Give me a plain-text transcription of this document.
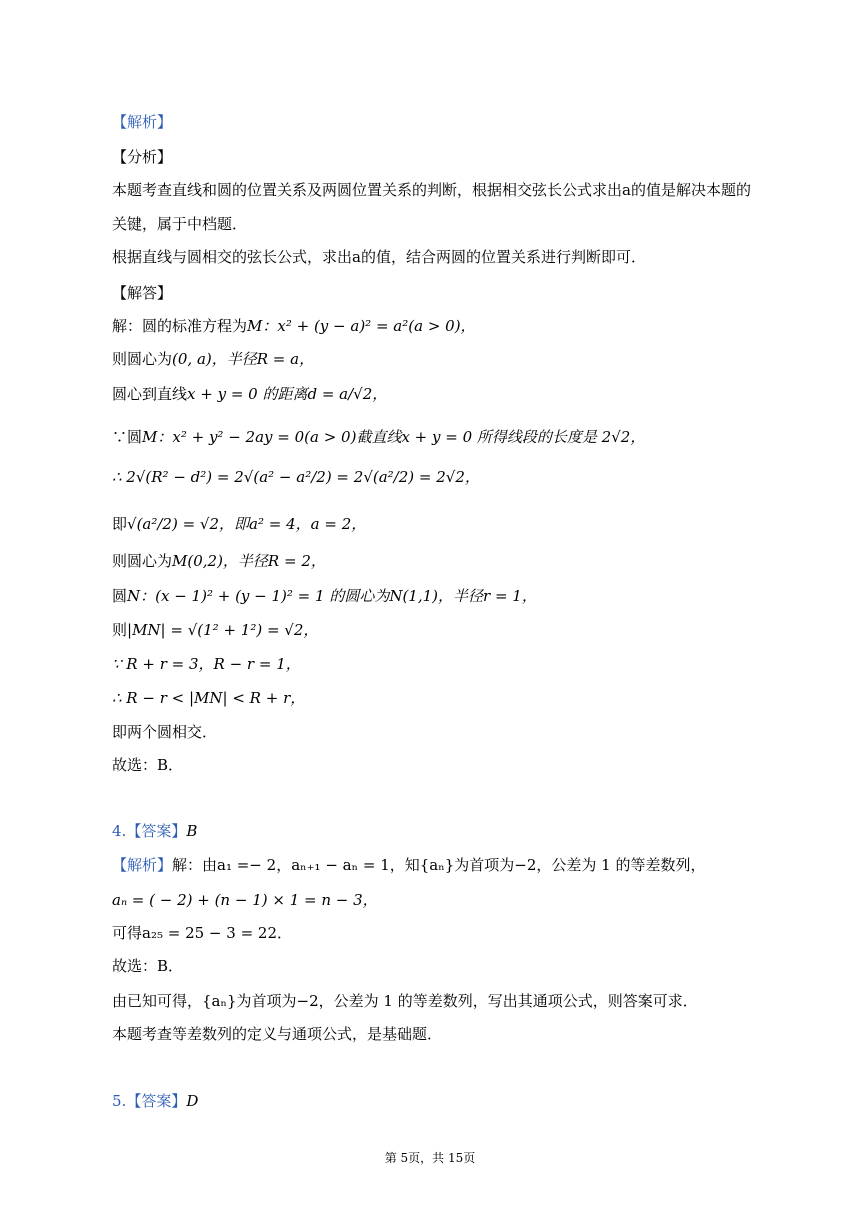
【解析】
【分析】
本题考查直线和圆的位置关系及两圆位置关系的判断，根据相交弦长公式求出a的值是解决本题的
关键，属于中档题．
根据直线与圆相交的弦长公式，求出a的值，结合两圆的位置关系进行判断即可．
【解答】
解：圆的标准方程为M：x² + (y − a)² = a²(a > 0)，
则圆心为(0, a)，半径R = a，
圆心到直线x + y = 0 的距离d = a/√2，
∵圆M：x² + y² − 2ay = 0(a > 0)截直线x + y = 0 所得线段的长度是 2√2，
∴ 2√(R² − d²) = 2√(a² − a²/2) = 2√(a²/2) = 2√2，
即√(a²/2) = √2，即a² = 4，a = 2，
则圆心为M(0,2)，半径R = 2，
圆N：(x − 1)² + (y − 1)² = 1 的圆心为N(1,1)，半径r = 1，
则|MN| = √(1² + 1²) = √2，
∵ R + r = 3，R − r = 1，
∴ R − r < |MN| < R + r，
即两个圆相交．
故选：B．
4.【答案】B
【解析】解：由a₁ =− 2，aₙ₊₁ − aₙ = 1，知{aₙ}为首项为−2，公差为 1 的等差数列，
aₙ = ( − 2) + (n − 1) × 1 = n − 3，
可得a₂₅ = 25 − 3 = 22．
故选：B．
由已知可得，{aₙ}为首项为−2，公差为 1 的等差数列，写出其通项公式，则答案可求．
本题考查等差数列的定义与通项公式，是基础题．
5.【答案】D
第 5页，共 15页
